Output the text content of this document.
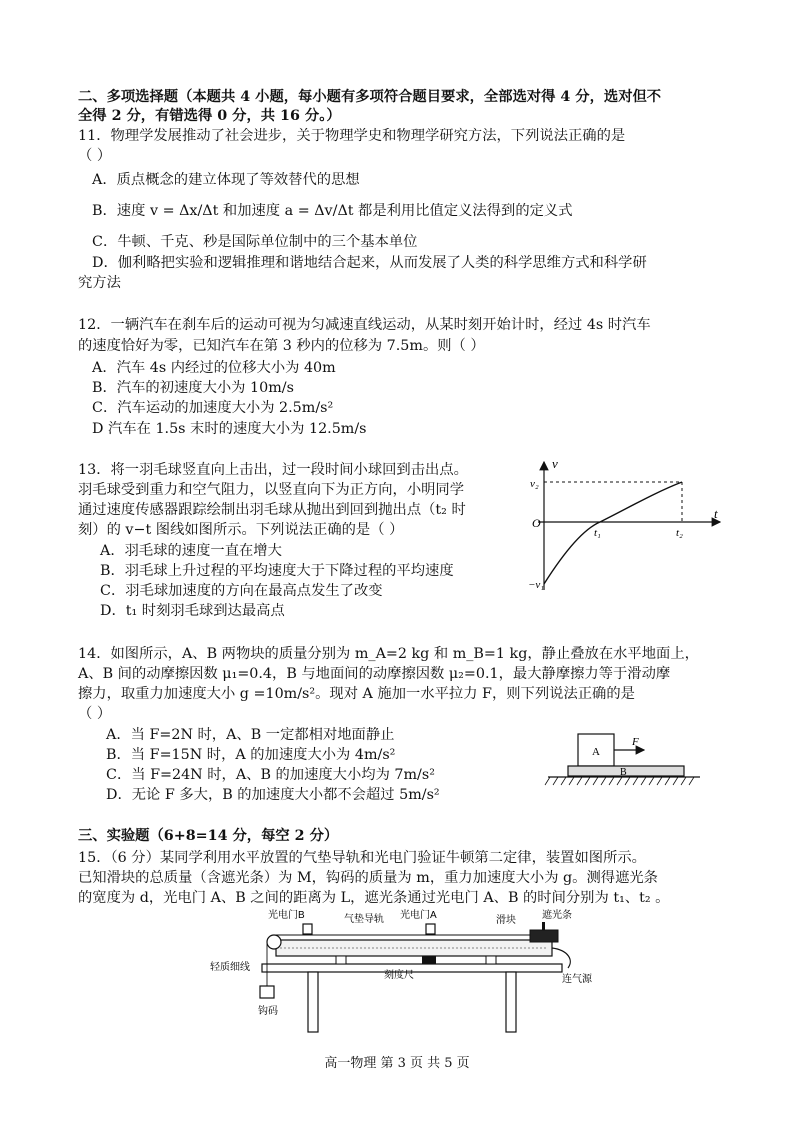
二、多项选择题（本题共 4 小题，每小题有多项符合题目要求，全部选对得 4 分，选对但不
全得 2 分，有错选得 0 分，共 16 分。）
11．物理学发展推动了社会进步，关于物理学史和物理学研究方法，下列说法正确的是
（ ）
A．质点概念的建立体现了等效替代的思想
B．速度 v = Δx/Δt 和加速度 a = Δv/Δt 都是利用比值定义法得到的定义式
C．牛顿、千克、秒是国际单位制中的三个基本单位
D．伽利略把实验和逻辑推理和谐地结合起来，从而发展了人类的科学思维方式和科学研
究方法
12．一辆汽车在刹车后的运动可视为匀减速直线运动，从某时刻开始计时，经过 4s 时汽车
的速度恰好为零，已知汽车在第 3 秒内的位移为 7.5m。则（ ）
A．汽车 4s 内经过的位移大小为 40m
B．汽车的初速度大小为 10m/s
C．汽车运动的加速度大小为 2.5m/s²
D 汽车在 1.5s 末时的速度大小为 12.5m/s
13．将一羽毛球竖直向上击出，过一段时间小球回到击出点。
羽毛球受到重力和空气阻力，以竖直向下为正方向，小明同学
通过速度传感器跟踪绘制出羽毛球从抛出到回到抛出点（t₂ 时
刻）的 v−t 图线如图所示。下列说法正确的是（ ）
A．羽毛球的速度一直在增大
B．羽毛球上升过程的平均速度大于下降过程的平均速度
C．羽毛球加速度的方向在最高点发生了改变
D．t₁ 时刻羽毛球到达最高点
v
t
v₂
O
t₁	t₂
−v₁
14．如图所示，A、B 两物块的质量分别为 m_A=2 kg 和 m_B=1 kg，静止叠放在水平地面上，
A、B 间的动摩擦因数 μ₁=0.4，B 与地面间的动摩擦因数 μ₂=0.1，最大静摩擦力等于滑动摩
擦力，取重力加速度大小 g =10m/s²。现对 A 施加一水平拉力 F，则下列说法正确的是
（ ）
A．当 F=2N 时，A、B 一定都相对地面静止
B．当 F=15N 时，A 的加速度大小为 4m/s²
C．当 F=24N 时，A、B 的加速度大小均为 7m/s²
D．无论 F 多大，B 的加速度大小都不会超过 5m/s²
A
B
F
三、实验题（6+8=14 分，每空 2 分）
15．（6 分）某同学利用水平放置的气垫导轨和光电门验证牛顿第二定律，装置如图所示。
已知滑块的总质量（含遮光条）为 M，钩码的质量为 m，重力加速度大小为 g。测得遮光条
的宽度为 d，光电门 A、B 之间的距离为 L，遮光条通过光电门 A、B 的时间分别为 t₁、t₂ 。
光电门B	气垫导轨 光电门A	滑块	遮光条
轻质细线
刻度尺	连气源
钩码
高一物理 第 3 页 共 5 页
